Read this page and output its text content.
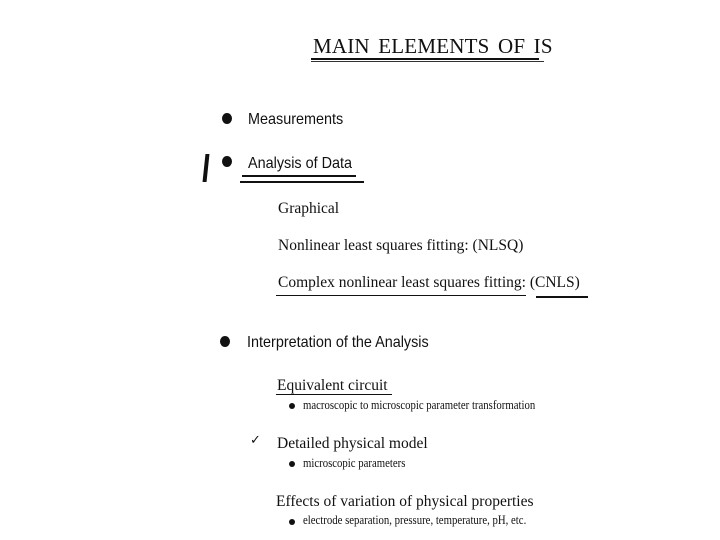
MAIN ELEMENTS OF IS
Measurements
Analysis of Data
Graphical
Nonlinear least squares fitting: (NLSQ)
Complex nonlinear least squares fitting: (CNLS)
Interpretation of the Analysis
Equivalent circuit
macroscopic to microscopic parameter transformation
✓ Detailed physical model
microscopic parameters
Effects of variation of physical properties
electrode separation, pressure, temperature, pH, etc.
